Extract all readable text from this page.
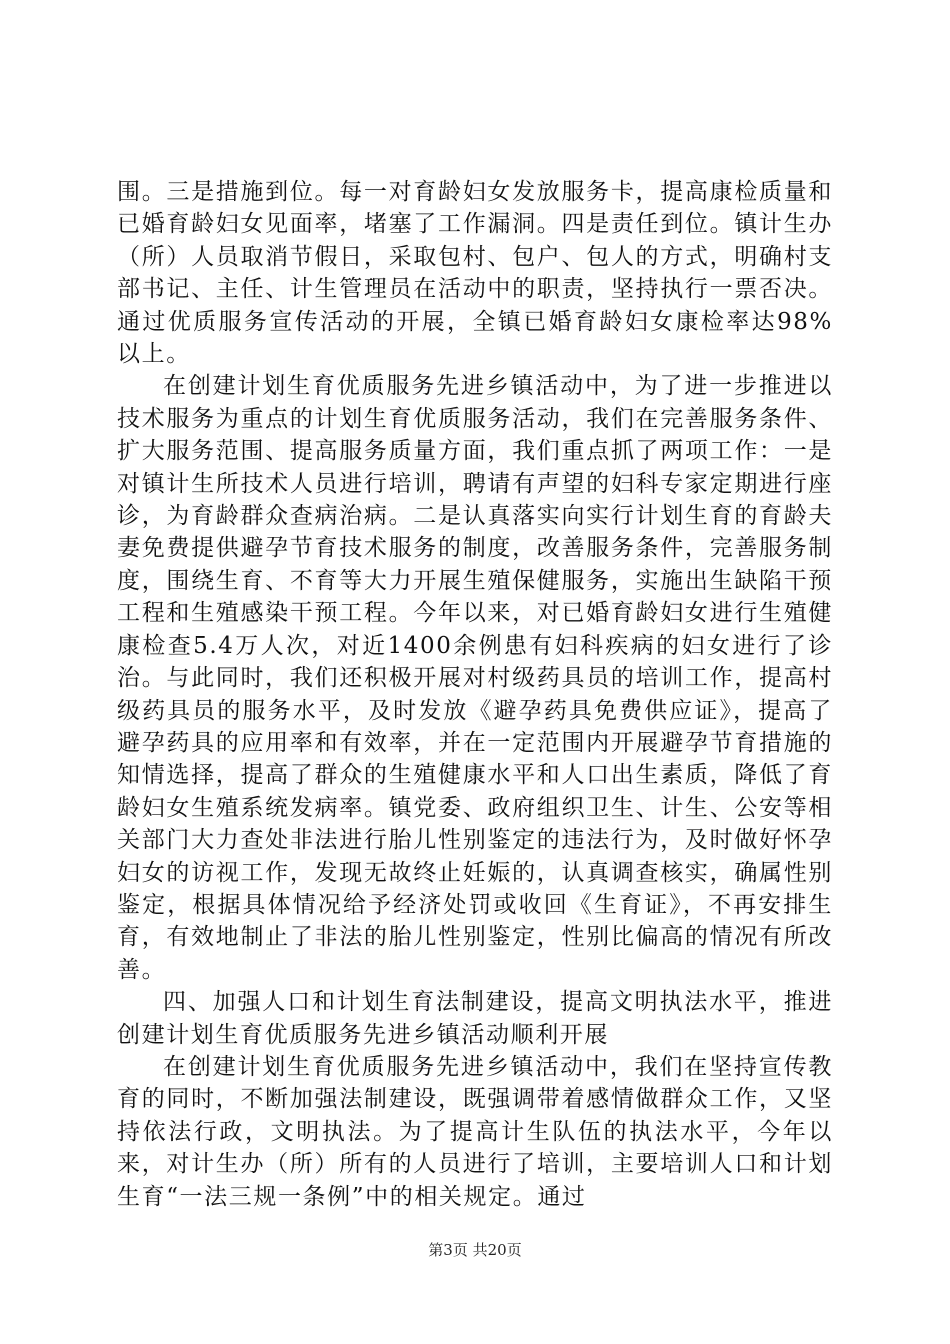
围。三是措施到位。每一对育龄妇女发放服务卡，提高康检质量和已婚育龄妇女见面率，堵塞了工作漏洞。四是责任到位。镇计生办（所）人员取消节假日，采取包村、包户、包人的方式，明确村支部书记、主任、计生管理员在活动中的职责，坚持执行一票否决。通过优质服务宣传活动的开展，全镇已婚育龄妇女康检率达98%以上。

在创建计划生育优质服务先进乡镇活动中，为了进一步推进以技术服务为重点的计划生育优质服务活动，我们在完善服务条件、扩大服务范围、提高服务质量方面，我们重点抓了两项工作：一是对镇计生所技术人员进行培训，聘请有声望的妇科专家定期进行座诊，为育龄群众查病治病。二是认真落实向实行计划生育的育龄夫妻免费提供避孕节育技术服务的制度，改善服务条件，完善服务制度，围绕生育、不育等大力开展生殖保健服务，实施出生缺陷干预工程和生殖感染干预工程。今年以来，对已婚育龄妇女进行生殖健康检查5.4万人次，对近1400余例患有妇科疾病的妇女进行了诊治。与此同时，我们还积极开展对村级药具员的培训工作，提高村级药具员的服务水平，及时发放《避孕药具免费供应证》，提高了避孕药具的应用率和有效率，并在一定范围内开展避孕节育措施的知情选择，提高了群众的生殖健康水平和人口出生素质，降低了育龄妇女生殖系统发病率。镇党委、政府组织卫生、计生、公安等相关部门大力查处非法进行胎儿性别鉴定的违法行为，及时做好怀孕妇女的访视工作，发现无故终止妊娠的，认真调查核实，确属性别鉴定，根据具体情况给予经济处罚或收回《生育证》，不再安排生育，有效地制止了非法的胎儿性别鉴定，性别比偏高的情况有所改善。

四、加强人口和计划生育法制建设，提高文明执法水平，推进创建计划生育优质服务先进乡镇活动顺利开展

在创建计划生育优质服务先进乡镇活动中，我们在坚持宣传教育的同时，不断加强法制建设，既强调带着感情做群众工作，又坚持依法行政，文明执法。为了提高计生队伍的执法水平，今年以来，对计生办（所）所有的人员进行了培训，主要培训人口和计划生育“一法三规一条例”中的相关规定。通过

第3页 共20页
